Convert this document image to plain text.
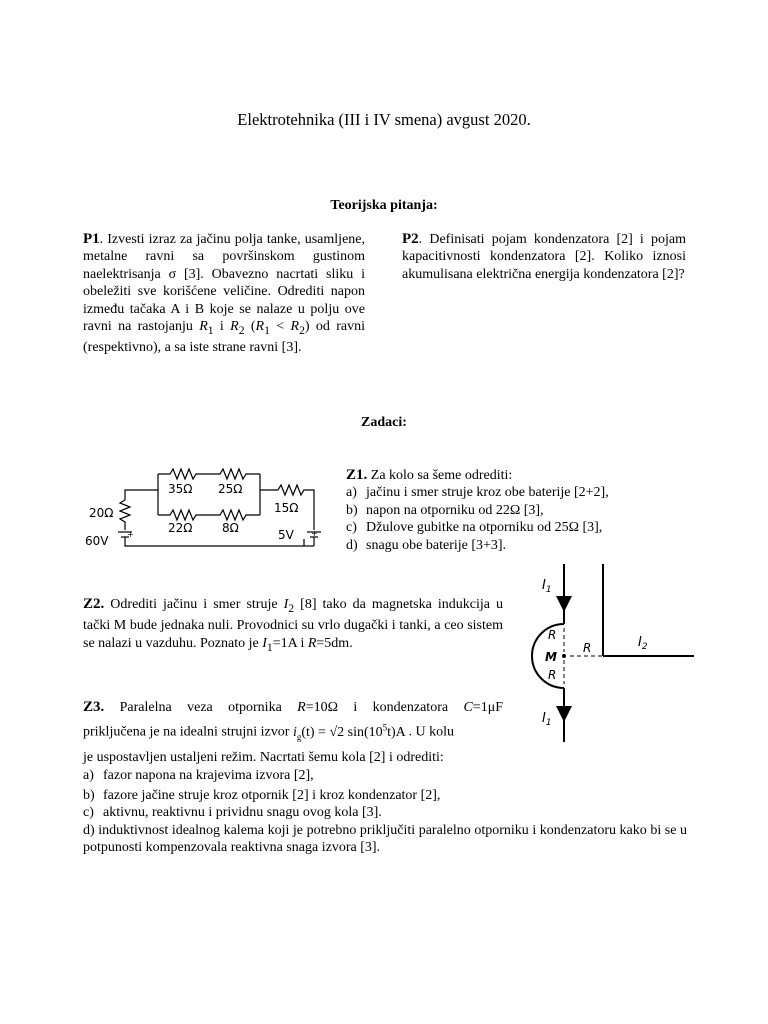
Elektrotehnika (III i IV smena) avgust 2020.
Teorijska pitanja:
P1. Izvesti izraz za jačinu polja tanke, usamljene, metalne ravni sa površinskom gustinom naelektrisanja σ [3]. Obavezno nacrtati sliku i obeležiti sve korišćene veličine. Odrediti napon između tačaka A i B koje se nalaze u polju ove ravni na rastojanju $R_1$ i $R_2$ $(R_1 < R_2)$ od ravni (respektivno), a sa iste strane ravni [3].
P2. Definisati pojam kondenzatora [2] i pojam kapacitivnosti kondenzatora [2]. Koliko iznosi akumulisana električna energija kondenzatora [2]?
Zadaci:
35Ω 25Ω
22Ω 8Ω
15Ω
20Ω
60V	5V
+	+
Z1. Za kolo sa šeme odrediti:
a) jačinu i smer struje kroz obe baterije [2+2],
b) napon na otporniku od 22Ω [3],
c) Džulove gubitke na otporniku od 25Ω [3],
d) snagu obe baterije [3+3].
Z2. Odrediti jačinu i smer struje $I_2$ [8] tako da magnetska indukcija u tački M bude jednaka nuli. Provodnici su vrlo dugački i tanki, a ceo sistem se nalazi u vazduhu. Poznato je $I_1=1A$ i R=5dm.
$I_1$
$I_1$
$I_2$
R
R
R
M
Z3. Paralelna veza otpornika R=10Ω i kondenzatora C=1μF
priključena je na idealni strujni izvor $i_g(t) = √2$ $\sin(10^5t)A$ . U kolu
je uspostavljen ustaljeni režim. Nacrtati šemu kola [2] i odrediti:
a) fazor napona na krajevima izvora [2],
b) fazore jačine struje kroz otpornik [2] i kroz kondenzator [2],
c) aktivnu, reaktivnu i prividnu snagu ovog kola [3].
d) induktivnost idealnog kalema koji je potrebno priključiti paralelno otporniku i kondenzatoru kako bi se u potpunosti kompenzovala reaktivna snaga izvora [3].
